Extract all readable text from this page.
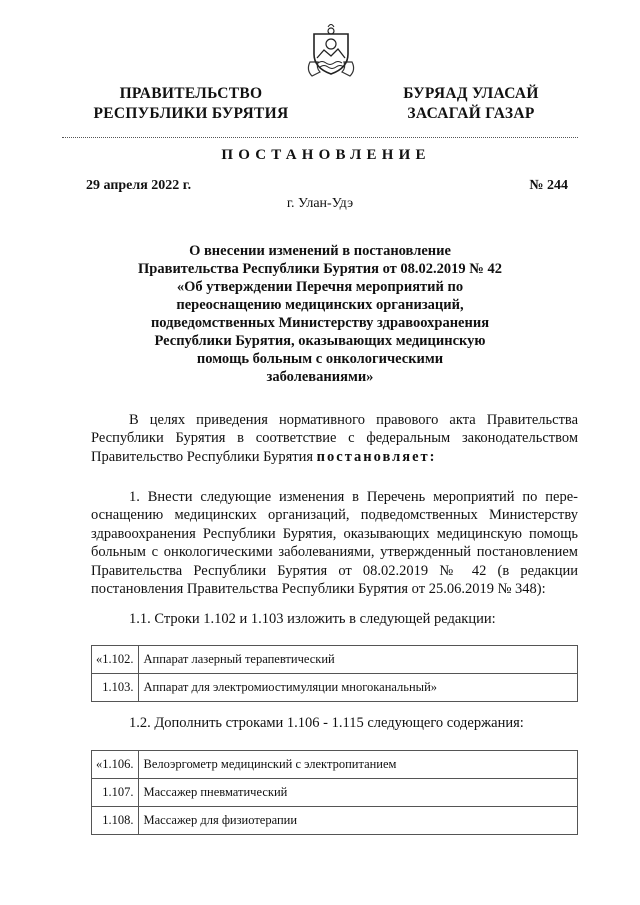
ПРАВИТЕЛЬСТВО
РЕСПУБЛИКИ БУРЯТИЯ
БУРЯАД УЛАСАЙ
ЗАСАГАЙ ГАЗАР
ПОСТАНОВЛЕНИЕ
29 апреля 2022 г.	№ 244
г. Улан-Удэ
О внесении изменений в постановление
Правительства Республики Бурятия от 08.02.2019 № 42
«Об утверждении Перечня мероприятий по
переоснащению медицинских организаций,
подведомственных Министерству здравоохранения
Республики Бурятия, оказывающих медицинскую
помощь больным с онкологическими
заболеваниями»

В целях приведения нормативного правового акта Правительства Республики Бурятия в соответствие с федеральным законодательством Правительство Республики Бурятия постановляет:

1. Внести следующие изменения в Перечень мероприятий по переоснащению медицинских организаций, подведомственных Министерству здравоохранения Республики Бурятия, оказывающих медицинскую помощь больным с онкологическими заболеваниями, утвержденный постановлением Правительства Республики Бурятия от 08.02.2019 № 42 (в редакции постановления Правительства Республики Бурятия от 25.06.2019 № 348):

1.1. Строки 1.102 и 1.103 изложить в следующей редакции:

«1.102.	Аппарат лазерный терапевтический
1.103.	Аппарат для электромиостимуляции многоканальный»

1.2. Дополнить строками 1.106 - 1.115 следующего содержания:

«1.106.	Велоэргометр медицинский с электропитанием
1.107.	Массажер пневматический
1.108.	Массажер для физиотерапии
